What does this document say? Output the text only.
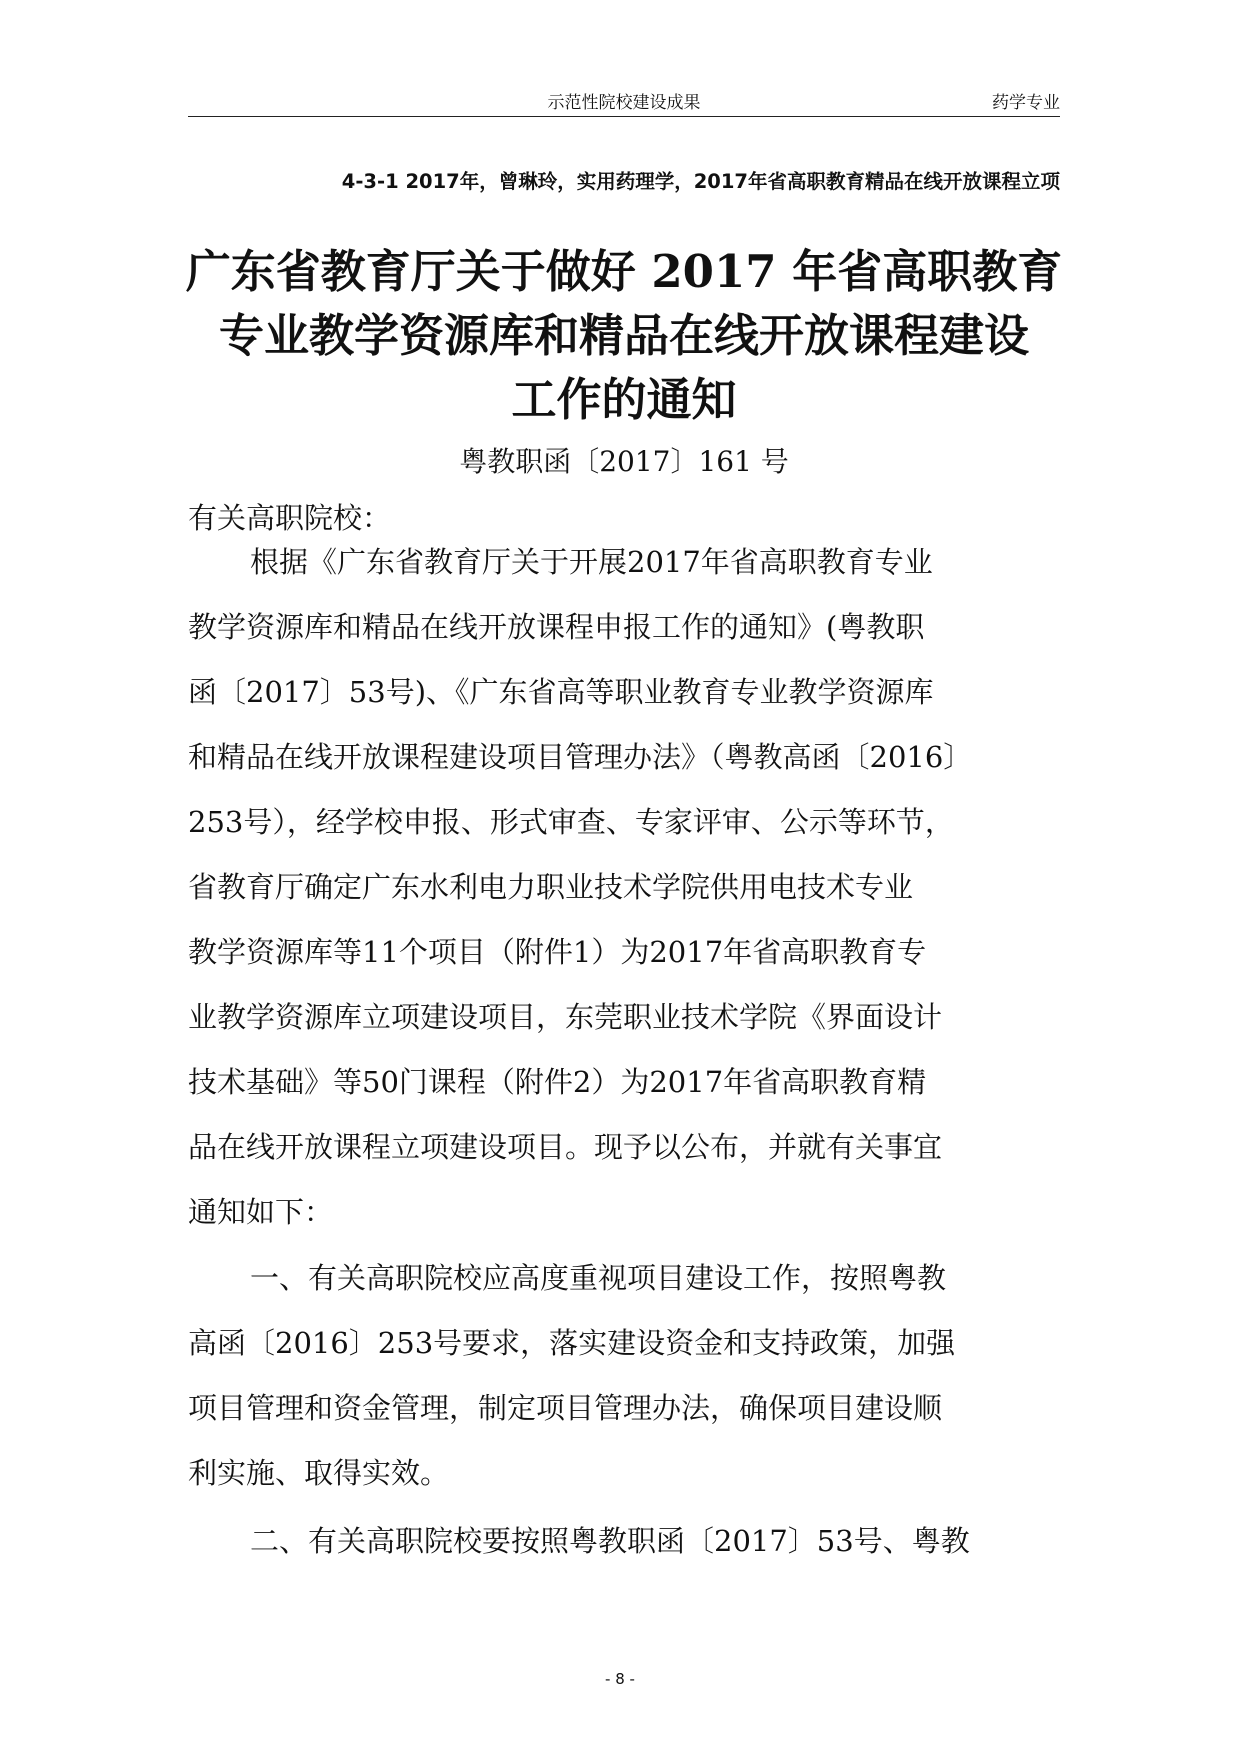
示范性院校建设成果	药学专业
4-3-1 2017年，曾琳玲，实用药理学，2017年省高职教育精品在线开放课程立项
广东省教育厅关于做好 2017 年省高职教育
专业教学资源库和精品在线开放课程建设
工作的通知
粤教职函〔2017〕161 号
有关高职院校：
根据《广东省教育厅关于开展2017年省高职教育专业
教学资源库和精品在线开放课程申报工作的通知》(粤教职
函〔2017〕53号)、《广东省高等职业教育专业教学资源库
和精品在线开放课程建设项目管理办法》（粤教高函〔2016〕
253号），经学校申报、形式审查、专家评审、公示等环节，
省教育厅确定广东水利电力职业技术学院供用电技术专业
教学资源库等11个项目（附件1）为2017年省高职教育专
业教学资源库立项建设项目，东莞职业技术学院《界面设计
技术基础》等50门课程（附件2）为2017年省高职教育精
品在线开放课程立项建设项目。现予以公布，并就有关事宜
通知如下：
一、有关高职院校应高度重视项目建设工作，按照粤教
高函〔2016〕253号要求，落实建设资金和支持政策，加强
项目管理和资金管理，制定项目管理办法，确保项目建设顺
利实施、取得实效。
二、有关高职院校要按照粤教职函〔2017〕53号、粤教
- 8 -
